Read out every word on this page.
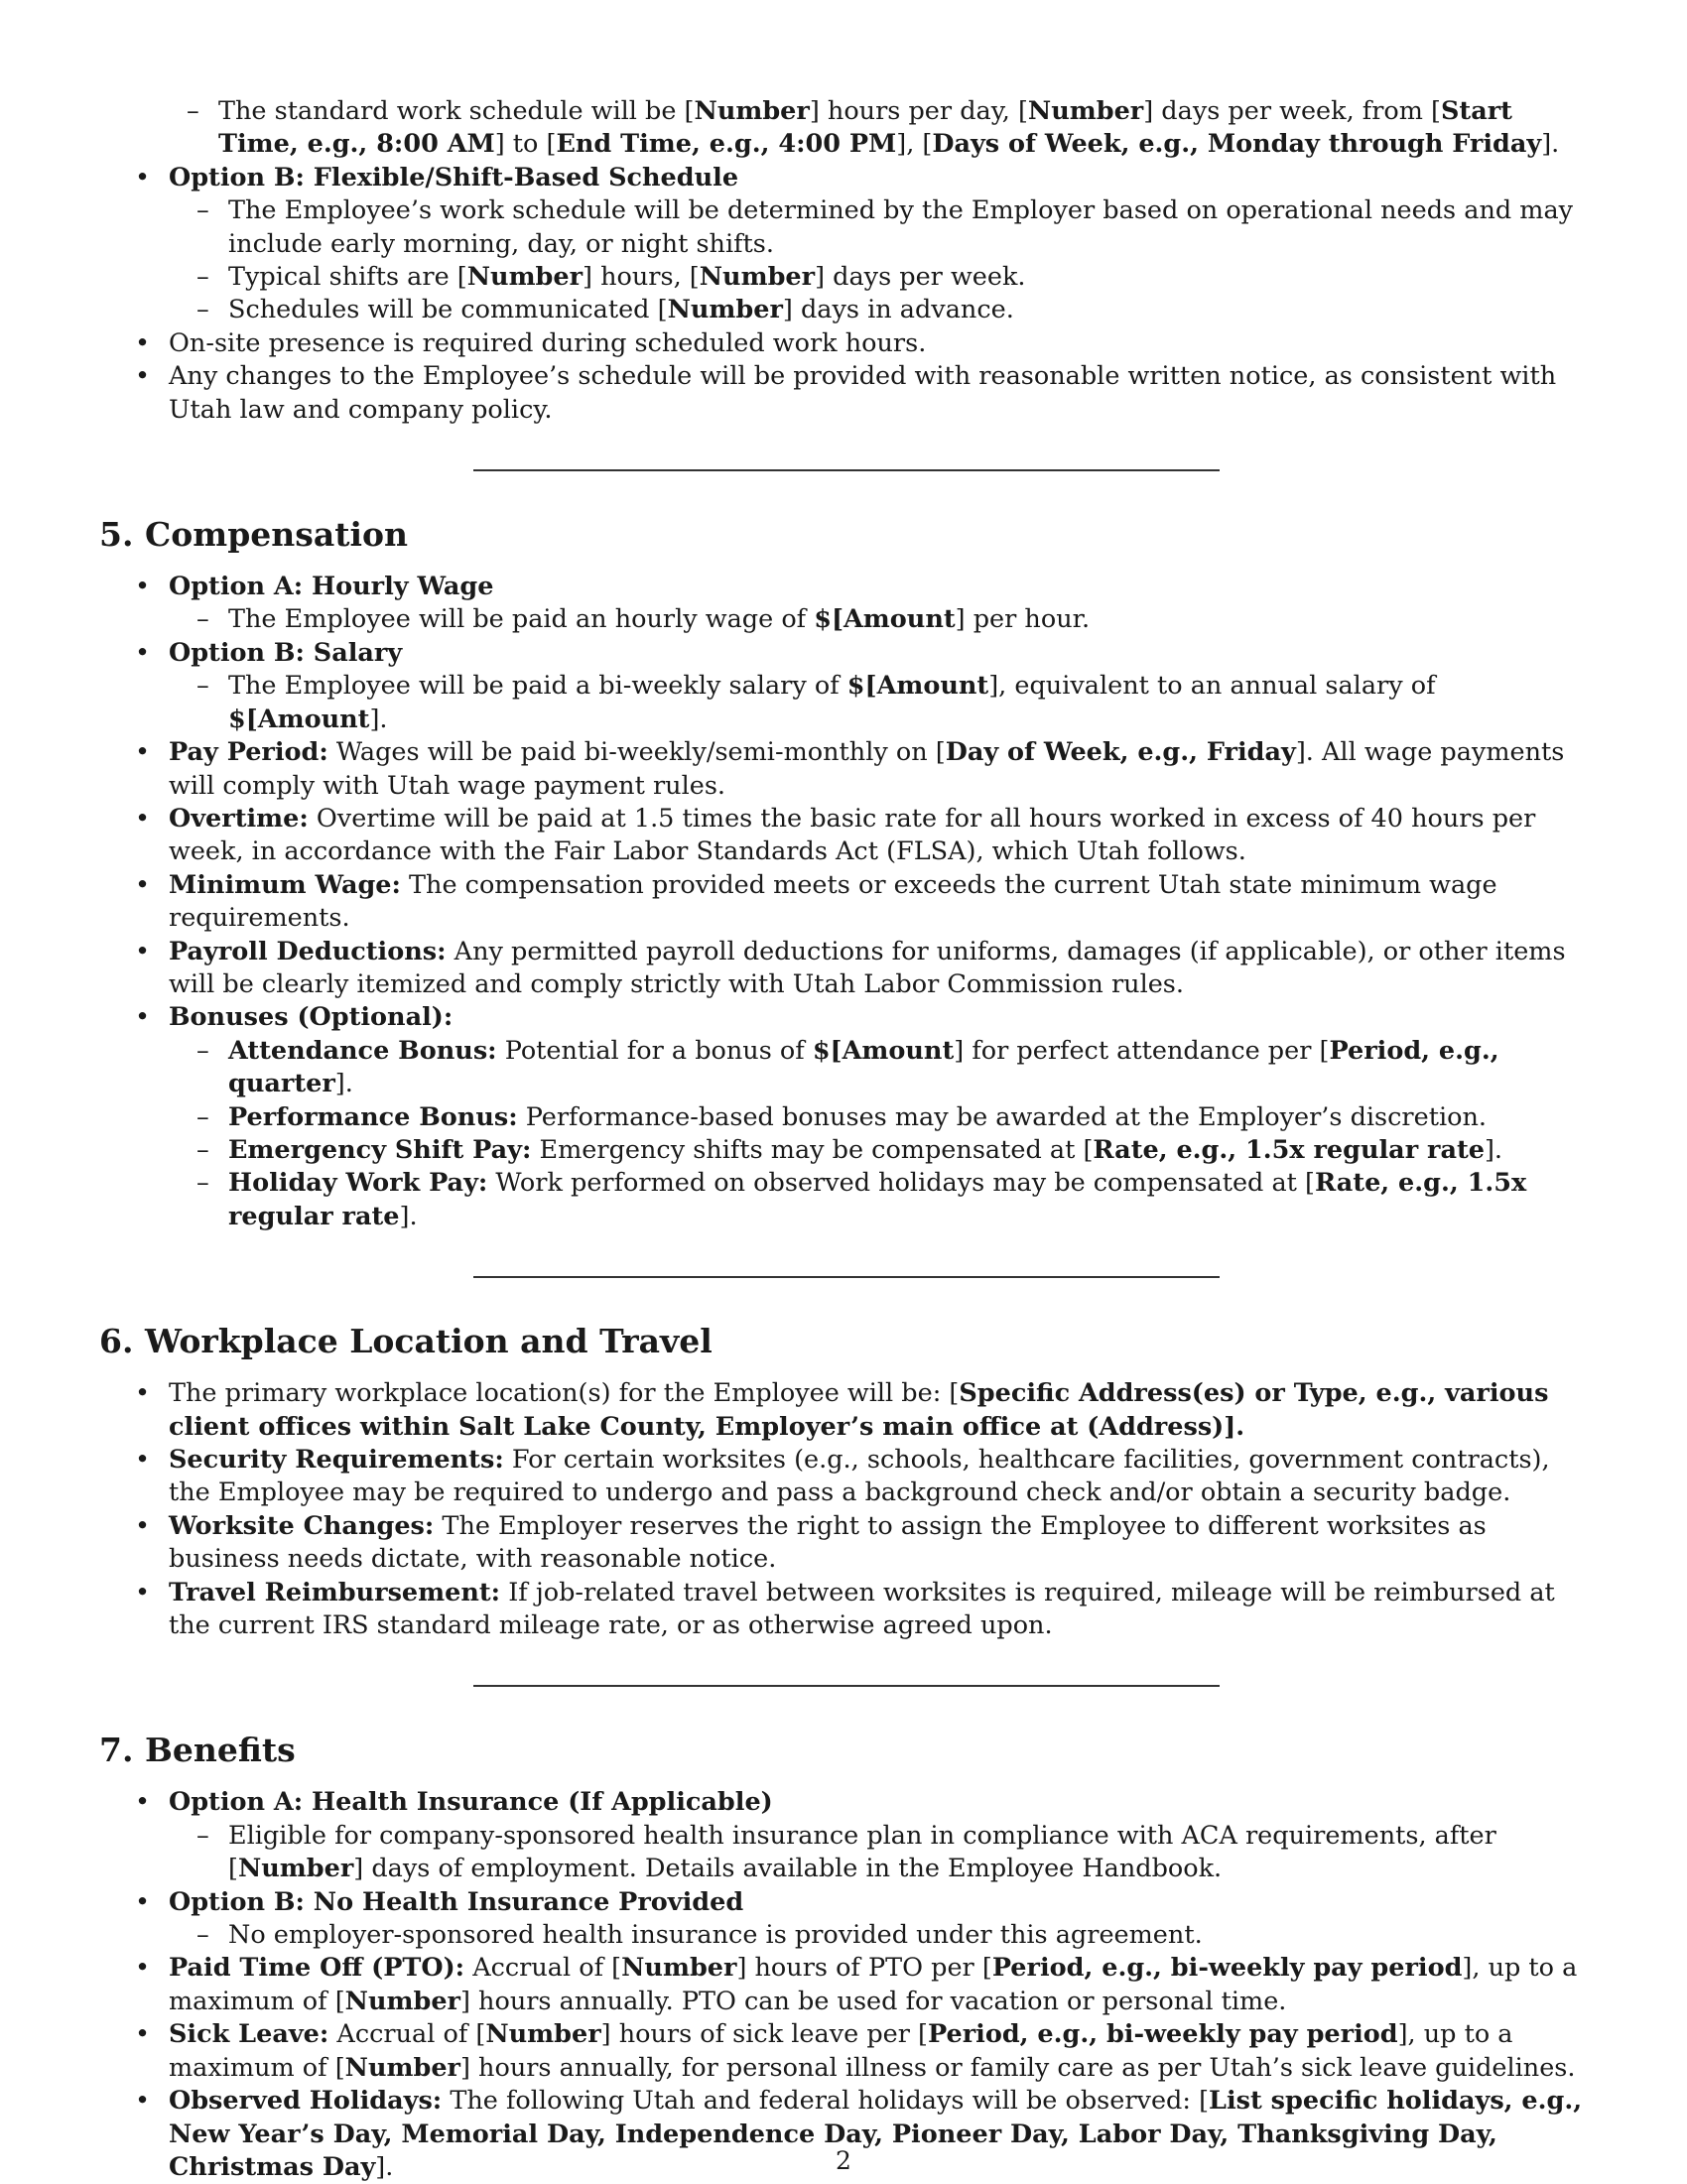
– The standard work schedule will be [Number] hours per day, [Number] days per week, from [Start Time, e.g., 8:00 AM] to [End Time, e.g., 4:00 PM], [Days of Week, e.g., Monday through Friday].
• Option B: Flexible/Shift-Based Schedule
– The Employee’s work schedule will be determined by the Employer based on operational needs and may include early morning, day, or night shifts.
– Typical shifts are [Number] hours, [Number] days per week.
– Schedules will be communicated [Number] days in advance.
• On-site presence is required during scheduled work hours.
• Any changes to the Employee’s schedule will be provided with reasonable written notice, as consistent with Utah law and company policy.
5. Compensation
• Option A: Hourly Wage
– The Employee will be paid an hourly wage of $[Amount] per hour.
• Option B: Salary
– The Employee will be paid a bi-weekly salary of $[Amount], equivalent to an annual salary of $[Amount].
• Pay Period: Wages will be paid bi-weekly/semi-monthly on [Day of Week, e.g., Friday]. All wage payments will comply with Utah wage payment rules.
• Overtime: Overtime will be paid at 1.5 times the basic rate for all hours worked in excess of 40 hours per week, in accordance with the Fair Labor Standards Act (FLSA), which Utah follows.
• Minimum Wage: The compensation provided meets or exceeds the current Utah state minimum wage requirements.
• Payroll Deductions: Any permitted payroll deductions for uniforms, damages (if applicable), or other items will be clearly itemized and comply strictly with Utah Labor Commission rules.
• Bonuses (Optional):
– Attendance Bonus: Potential for a bonus of $[Amount] for perfect attendance per [Period, e.g., quarter].
– Performance Bonus: Performance-based bonuses may be awarded at the Employer’s discretion.
– Emergency Shift Pay: Emergency shifts may be compensated at [Rate, e.g., 1.5x regular rate].
– Holiday Work Pay: Work performed on observed holidays may be compensated at [Rate, e.g., 1.5x regular rate].
6. Workplace Location and Travel
• The primary workplace location(s) for the Employee will be: [Specific Address(es) or Type, e.g., various client offices within Salt Lake County, Employer’s main office at (Address)].
• Security Requirements: For certain worksites (e.g., schools, healthcare facilities, government contracts), the Employee may be required to undergo and pass a background check and/or obtain a security badge.
• Worksite Changes: The Employer reserves the right to assign the Employee to different worksites as business needs dictate, with reasonable notice.
• Travel Reimbursement: If job-related travel between worksites is required, mileage will be reimbursed at the current IRS standard mileage rate, or as otherwise agreed upon.
7. Benefits
• Option A: Health Insurance (If Applicable)
– Eligible for company-sponsored health insurance plan in compliance with ACA requirements, after [Number] days of employment. Details available in the Employee Handbook.
• Option B: No Health Insurance Provided
– No employer-sponsored health insurance is provided under this agreement.
• Paid Time Off (PTO): Accrual of [Number] hours of PTO per [Period, e.g., bi-weekly pay period], up to a maximum of [Number] hours annually. PTO can be used for vacation or personal time.
• Sick Leave: Accrual of [Number] hours of sick leave per [Period, e.g., bi-weekly pay period], up to a maximum of [Number] hours annually, for personal illness or family care as per Utah’s sick leave guidelines.
• Observed Holidays: The following Utah and federal holidays will be observed: [List specific holidays, e.g., New Year’s Day, Memorial Day, Independence Day, Pioneer Day, Labor Day, Thanksgiving Day, Christmas Day].	2
